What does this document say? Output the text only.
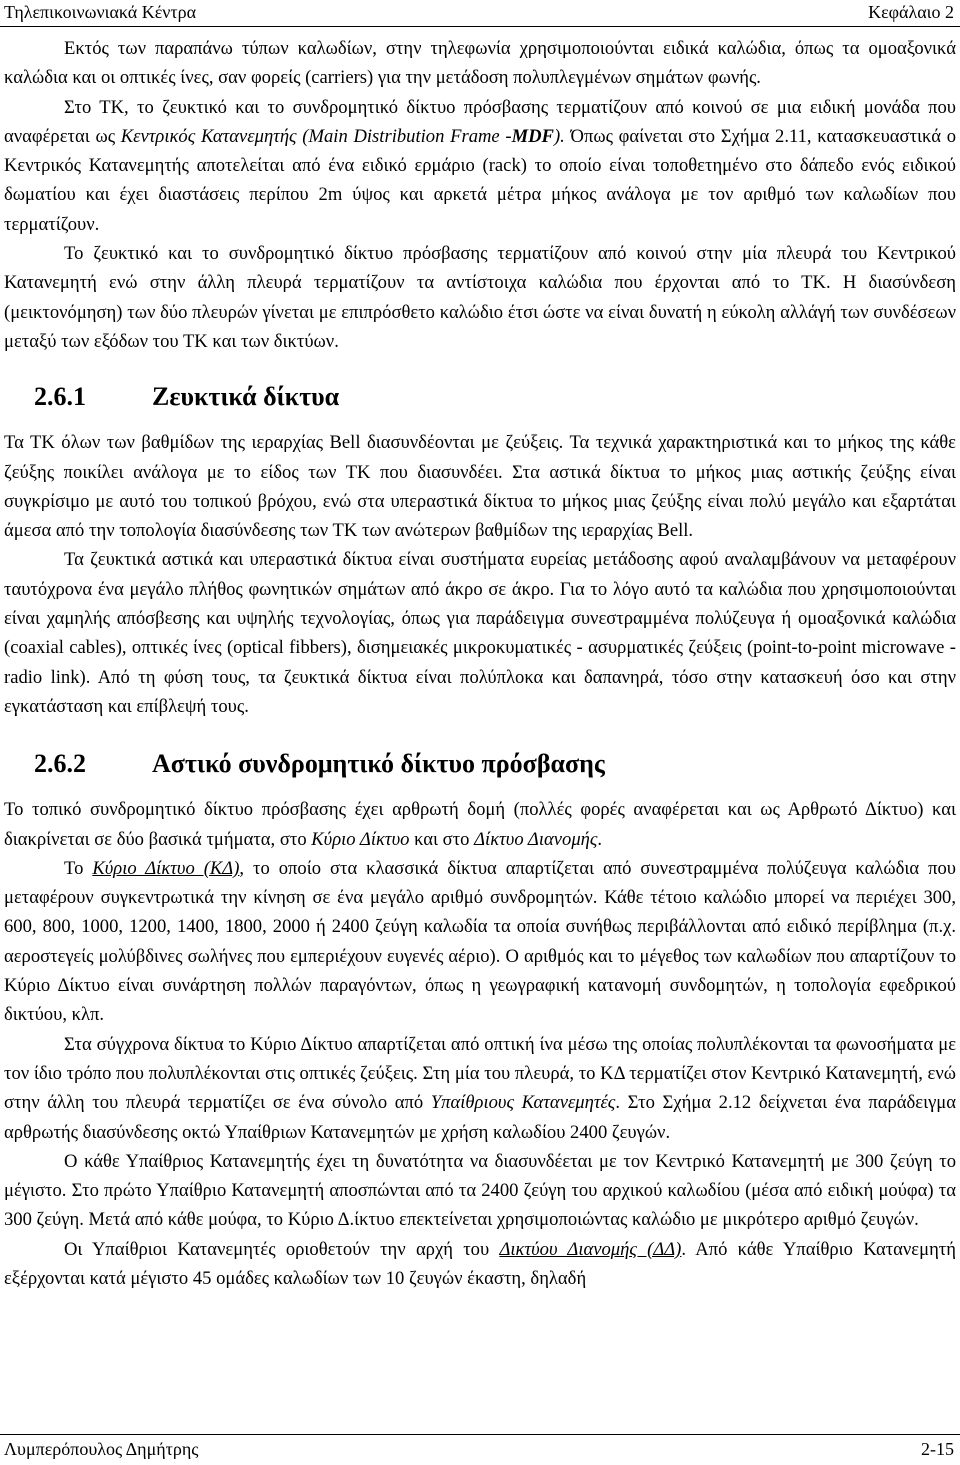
Τηλεπικοινωνιακά Κέντρα	Κεφάλαιο 2

Εκτός των παραπάνω τύπων καλωδίων, στην τηλεφωνία χρησιμοποιούνται ειδικά καλώδια, όπως τα ομοαξονικά καλώδια και οι οπτικές ίνες, σαν φορείς (carriers) για την μετάδοση πολυπλεγμένων σημάτων φωνής.

Στο ΤΚ, το ζευκτικό και το συνδρομητικό δίκτυο πρόσβασης τερματίζουν από κοινού σε μια ειδική μονάδα που αναφέρεται ως Κεντρικός Κατανεμητής (Main Distribution Frame -MDF). Όπως φαίνεται στο Σχήμα 2.11, κατασκευαστικά ο Κεντρικός Κατανεμητής αποτελείται από ένα ειδικό ερμάριο (rack) το οποίο είναι τοποθετημένο στο δάπεδο ενός ειδικού δωματίου και έχει διαστάσεις περίπου 2m ύψος και αρκετά μέτρα μήκος ανάλογα με τον αριθμό των καλωδίων που τερματίζουν.

Το ζευκτικό και το συνδρομητικό δίκτυο πρόσβασης τερματίζουν από κοινού στην μία πλευρά του Κεντρικού Κατανεμητή ενώ στην άλλη πλευρά τερματίζουν τα αντίστοιχα καλώδια που έρχονται από το ΤΚ. Η διασύνδεση (μεικτονόμηση) των δύο πλευρών γίνεται με επιπρόσθετο καλώδιο έτσι ώστε να είναι δυνατή η εύκολη αλλάγή των συνδέσεων μεταξύ των εξόδων του ΤΚ και των δικτύων.

2.6.1	Ζευκτικά δίκτυα

Τα ΤΚ όλων των βαθμίδων της ιεραρχίας Bell διασυνδέονται με ζεύξεις. Τα τεχνικά χαρακτηριστικά και το μήκος της κάθε ζεύξης ποικίλει ανάλογα με το είδος των ΤΚ που διασυνδέει. Στα αστικά δίκτυα το μήκος μιας αστικής ζεύξης είναι συγκρίσιμο με αυτό του τοπικού βρόχου, ενώ στα υπεραστικά δίκτυα το μήκος μιας ζεύξης είναι πολύ μεγάλο και εξαρτάται άμεσα από την τοπολογία διασύνδεσης των ΤΚ των ανώτερων βαθμίδων της ιεραρχίας Bell.

Τα ζευκτικά αστικά και υπεραστικά δίκτυα είναι συστήματα ευρείας μετάδοσης αφού αναλαμβάνουν να μεταφέρουν ταυτόχρονα ένα μεγάλο πλήθος φωνητικών σημάτων από άκρο σε άκρο. Για το λόγο αυτό τα καλώδια που χρησιμοποιούνται είναι χαμηλής απόσβεσης και υψηλής τεχνολογίας, όπως για παράδειγμα συνεστραμμένα πολύζευγα ή ομοαξονικά καλώδια (coaxial cables), οπτικές ίνες (optical fibbers), δισημειακές μικροκυματικές - ασυρματικές ζεύξεις (point-to-point microwave - radio link). Από τη φύση τους, τα ζευκτικά δίκτυα είναι πολύπλοκα και δαπανηρά, τόσο στην κατασκευή όσο και στην εγκατάσταση και επίβλεψή τους.

2.6.2	Αστικό συνδρομητικό δίκτυο πρόσβασης

Το τοπικό συνδρομητικό δίκτυο πρόσβασης έχει αρθρωτή δομή (πολλές φορές αναφέρεται και ως Αρθρωτό Δίκτυο) και διακρίνεται σε δύο βασικά τμήματα, στο Κύριο Δίκτυο και στο Δίκτυο Διανομής.

Το Κύριο Δίκτυο (ΚΔ), το οποίο στα κλασσικά δίκτυα απαρτίζεται από συνεστραμμένα πολύζευγα καλώδια που μεταφέρουν συγκεντρωτικά την κίνηση σε ένα μεγάλο αριθμό συνδρομητών. Κάθε τέτοιο καλώδιο μπορεί να περιέχει 300, 600, 800, 1000, 1200, 1400, 1800, 2000 ή 2400 ζεύγη καλωδία τα οποία συνήθως περιβάλλονται από ειδικό περίβλημα (π.χ. αεροστεγείς μολύβδινες σωλήνες που εμπεριέχουν ευγενές αέριο). Ο αριθμός και το μέγεθος των καλωδίων που απαρτίζουν το Κύριο Δίκτυο είναι συνάρτηση πολλών παραγόντων, όπως η γεωγραφική κατανομή συνδομητών, η τοπολογία εφεδρικού δικτύου, κλπ.

Στα σύγχρονα δίκτυα το Κύριο Δίκτυο απαρτίζεται από οπτική ίνα μέσω της οποίας πολυπλέκονται τα φωνοσήματα με τον ίδιο τρόπο που πολυπλέκονται στις οπτικές ζεύξεις. Στη μία του πλευρά, το ΚΔ τερματίζει στον Κεντρικό Κατανεμητή, ενώ στην άλλη του πλευρά τερματίζει σε ένα σύνολο από Υπαίθριους Κατανεμητές. Στο Σχήμα 2.12 δείχνεται ένα παράδειγμα αρθρωτής διασύνδεσης οκτώ Υπαίθριων Κατανεμητών με χρήση καλωδίου 2400 ζευγών.

Ο κάθε Υπαίθριος Κατανεμητής έχει τη δυνατότητα να διασυνδέεται με τον Κεντρικό Κατανεμητή με 300 ζεύγη το μέγιστο. Στο πρώτο Υπαίθριο Κατανεμητή αποσπώνται από τα 2400 ζεύγη του αρχικού καλωδίου (μέσα από ειδική μούφα) τα 300 ζεύγη. Μετά από κάθε μούφα, το Κύριο Δ.ίκτυο επεκτείνεται χρησιμοποιώντας καλώδιο με μικρότερο αριθμό ζευγών.

Οι Υπαίθριοι Κατανεμητές οριοθετούν την αρχή του Δικτύου Διανομής (ΔΔ). Από κάθε Υπαίθριο Κατανεμητή εξέρχονται κατά μέγιστο 45 ομάδες καλωδίων των 10 ζευγών έκαστη, δηλαδή

Λυμπερόπουλος Δημήτρης	2-15
